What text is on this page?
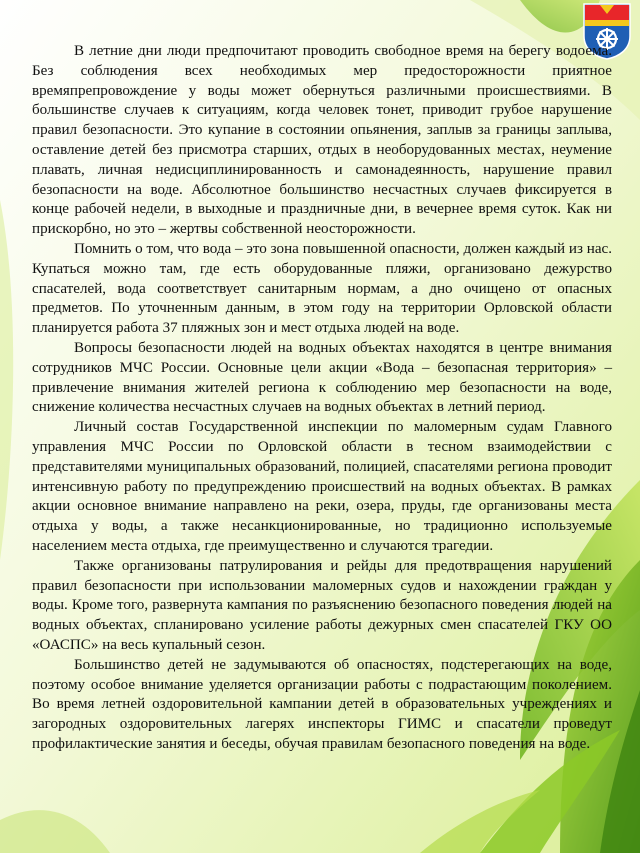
В летние дни люди предпочитают проводить свободное время на берегу водоема. Без соблюдения всех необходимых мер предосторожности приятное времяпрепровождение у воды может обернуться различными происшествиями. В большинстве случаев к ситуациям, когда человек тонет, приводит грубое нарушение правил безопасности. Это купание в состоянии опьянения, заплыв за границы заплыва, оставление детей без присмотра старших, отдых в необорудованных местах, неумение плавать, личная недисциплинированность и самонадеянность, нарушение правил безопасности на воде. Абсолютное большинство несчастных случаев фиксируется в конце рабочей недели, в выходные и праздничные дни, в вечернее время суток. Как ни прискорбно, но это – жертвы собственной неосторожности.

Помнить о том, что вода – это зона повышенной опасности, должен каждый из нас. Купаться можно там, где есть оборудованные пляжи, организовано дежурство спасателей, вода соответствует санитарным нормам, а дно очищено от опасных предметов. По уточненным данным, в этом году на территории Орловской области планируется работа 37 пляжных зон и мест отдыха людей на воде.

Вопросы безопасности людей на водных объектах находятся в центре внимания сотрудников МЧС России. Основные цели акции «Вода – безопасная территория» – привлечение внимания жителей региона к соблюдению мер безопасности на воде, снижение количества несчастных случаев на водных объектах в летний период.

Личный состав Государственной инспекции по маломерным судам Главного управления МЧС России по Орловской области в тесном взаимодействии с представителями муниципальных образований, полицией, спасателями региона проводит интенсивную работу по предупреждению происшествий на водных объектах. В рамках акции основное внимание направлено на реки, озера, пруды, где организованы места отдыха у воды, а также несанкционированные, но традиционно используемые населением места отдыха, где преимущественно и случаются трагедии.

Также организованы патрулирования и рейды для предотвращения нарушений правил безопасности при использовании маломерных судов и нахождении граждан у воды. Кроме того, развернута кампания по разъяснению безопасного поведения людей на водных объектах, спланировано усиление работы дежурных смен спасателей ГКУ ОО «ОАСПС» на весь купальный сезон.

Большинство детей не задумываются об опасностях, подстерегающих на воде, поэтому особое внимание уделяется организации работы с подрастающим поколением. Во время летней оздоровительной кампании детей в образовательных учреждениях и загородных оздоровительных лагерях инспекторы ГИМС и спасатели проведут профилактические занятия и беседы, обучая правилам безопасного поведения на воде.
